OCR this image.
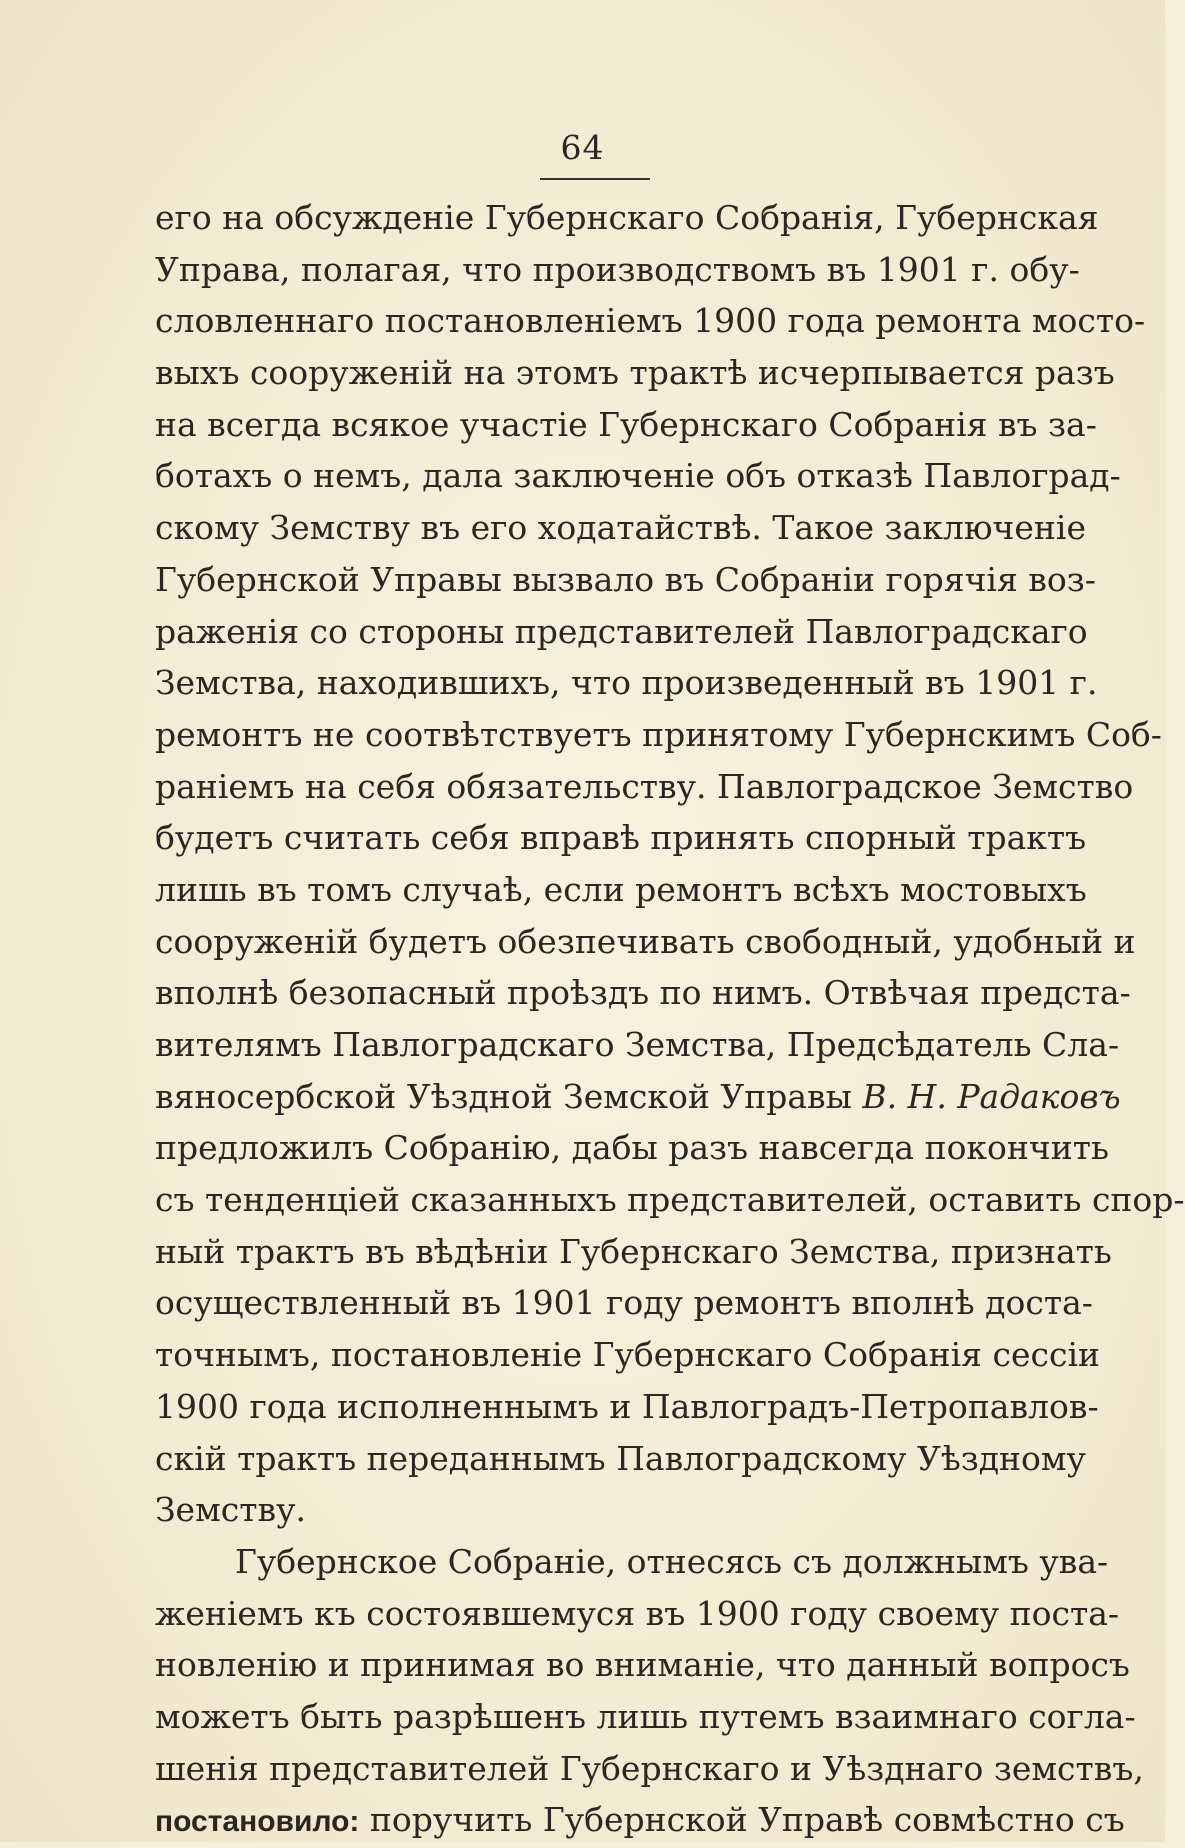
64
его на обсужденіе Губернскаго Собранія, Губернская
Управа, полагая, что производствомъ въ 1901 г. обу-
словленнаго постановленіемъ 1900 года ремонта мосто-
выхъ сооруженій на этомъ трактѣ исчерпывается разъ
на всегда всякое участіе Губернскаго Собранія въ за-
ботахъ о немъ, дала заключеніе объ отказѣ Павлоград-
скому Земству въ его ходатайствѣ. Такое заключеніе
Губернской Управы вызвало въ Собраніи горячія воз-
раженія со стороны представителей Павлоградскаго
Земства, находившихъ, что произведенный въ 1901 г.
ремонтъ не соотвѣтствуетъ принятому Губернскимъ Соб-
раніемъ на себя обязательству. Павлоградское Земство
будетъ считать себя вправѣ принять спорный трактъ
лишь въ томъ случаѣ, если ремонтъ всѣхъ мостовыхъ
сооруженій будетъ обезпечивать свободный, удобный и
вполнѣ безопасный проѣздъ по нимъ. Отвѣчая предста-
вителямъ Павлоградскаго Земства, Предсѣдатель Сла-
вяносербской Уѣздной Земской Управы В. Н. Радаковъ
предложилъ Собранію, дабы разъ навсегда покончить
съ тенденціей сказанныхъ представителей, оставить спор-
ный трактъ въ вѣдѣніи Губернскаго Земства, признать
осуществленный въ 1901 году ремонтъ вполнѣ доста-
точнымъ, постановленіе Губернскаго Собранія сессіи
1900 года исполненнымъ и Павлоградъ-Петропавлов-
скій трактъ переданнымъ Павлоградскому Уѣздному
Земству.
Губернское Собраніе, отнесясь съ должнымъ ува-
женіемъ къ состоявшемуся въ 1900 году своему поста-
новленію и принимая во вниманіе, что данный вопросъ
можетъ быть разрѣшенъ лишь путемъ взаимнаго согла-
шенія представителей Губернскаго и Уѣзднаго земствъ,
постановило: поручить Губернской Управѣ совмѣстно съ
